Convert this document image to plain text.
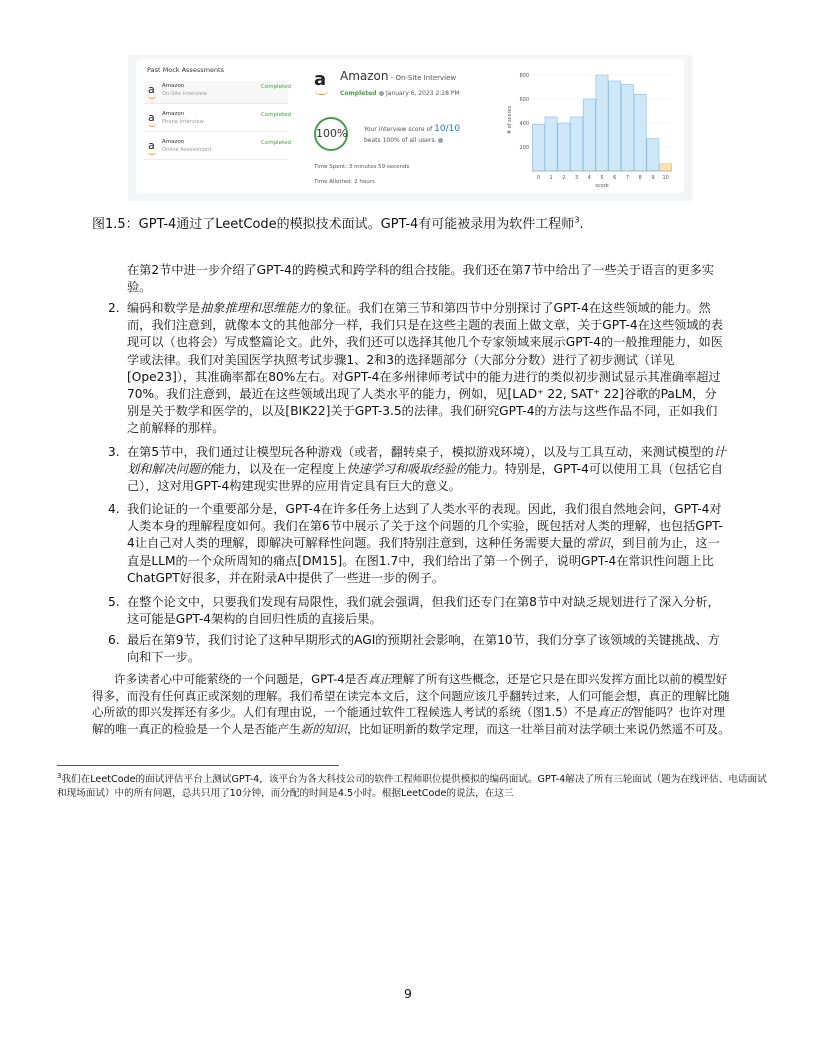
Past Mock Assessments
a Amazon
On-Site Interview
Completed
a Amazon
Phone Interview
Completed
a Amazon
Online Assessment
Completed
a Amazon - On-Site Interview
Completed	January 6, 2023 2:28 PM
100%	Your interview score of 10/10
beats 100% of all users.
Time Spent: 3 minutes 59 seconds
Time Allotted: 2 hours
200
400
600
800
0 1 2 3 4 5 6 7 8 9 10
score
# of scores
图1.5：GPT-4通过了LeetCode的模拟技术面试。GPT-4有可能被录用为软件工程师$^3$.
在第2节中进一步介绍了GPT-4的跨模式和跨学科的组合技能。我们还在第7节中给出了一些关于语言的更多实验。
2. 编码和数学是抽象推理和思维能力的象征。我们在第三节和第四节中分别探讨了GPT-4在这些领域的能力。然而，我们注意到，就像本文的其他部分一样，我们只是在这些主题的表面上做文章，关于GPT-4在这些领域的表现可以（也将会）写成整篇论文。此外，我们还可以选择其他几个专家领域来展示GPT-4的一般推理能力，如医学或法律。我们对美国医学执照考试步骤1、2和3的选择题部分（大部分分数）进行了初步测试（详见[Ope23]），其准确率都在80%左右。对GPT-4在多州律师考试中的能力进行的类似初步测试显示其准确率超过70%。我们注意到，最近在这些领域出现了人类水平的能力，例如，见[LAD⁺ 22, SAT⁺ 22]谷歌的PaLM，分别是关于数学和医学的，以及[BIK22]关于GPT-3.5的法律。我们研究GPT-4的方法与这些作品不同，正如我们之前解释的那样。
3. 在第5节中，我们通过让模型玩各种游戏（或者，翻转桌子，模拟游戏环境），以及与工具互动，来测试模型的计划和解决问题的能力，以及在一定程度上快速学习和吸取经验的能力。特别是，GPT-4可以使用工具（包括它自己），这对用GPT-4构建现实世界的应用肯定具有巨大的意义。
4. 我们论证的一个重要部分是，GPT-4在许多任务上达到了人类水平的表现。因此，我们很自然地会问，GPT-4对人类本身的理解程度如何。我们在第6节中展示了关于这个问题的几个实验，既包括对人类的理解，也包括GPT-4让自己对人类的理解，即解决可解释性问题。我们特别注意到，这种任务需要大量的常识，到目前为止，这一直是LLM的一个众所周知的痛点[DM15]。在图1.7中，我们给出了第一个例子，说明GPT-4在常识性问题上比ChatGPT好很多，并在附录A中提供了一些进一步的例子。
5. 在整个论文中，只要我们发现有局限性，我们就会强调，但我们还专门在第8节中对缺乏规划进行了深入分析，这可能是GPT-4架构的自回归性质的直接后果。
6. 最后在第9节，我们讨论了这种早期形式的AGI的预期社会影响，在第10节，我们分享了该领域的关键挑战、方向和下一步。
许多读者心中可能萦绕的一个问题是，GPT-4是否真正理解了所有这些概念，还是它只是在即兴发挥方面比以前的模型好得多，而没有任何真正或深刻的理解。我们希望在读完本文后，这个问题应该几乎翻转过来，人们可能会想，真正的理解比随心所欲的即兴发挥还有多少。人们有理由说，一个能通过软件工程候选人考试的系统（图1.5）不是真正的智能吗？也许对理解的唯一真正的检验是一个人是否能产生新的知识，比如证明新的数学定理，而这一壮举目前对法学硕士来说仍然遥不可及。
$^3$我们在LeetCode的面试评估平台上测试GPT-4，该平台为各大科技公司的软件工程师职位提供模拟的编码面试。GPT-4解决了所有三轮面试（题为在线评估、电话面试和现场面试）中的所有问题，总共只用了10分钟，而分配的时间是4.5小时。根据LeetCode的说法，在这三
9
